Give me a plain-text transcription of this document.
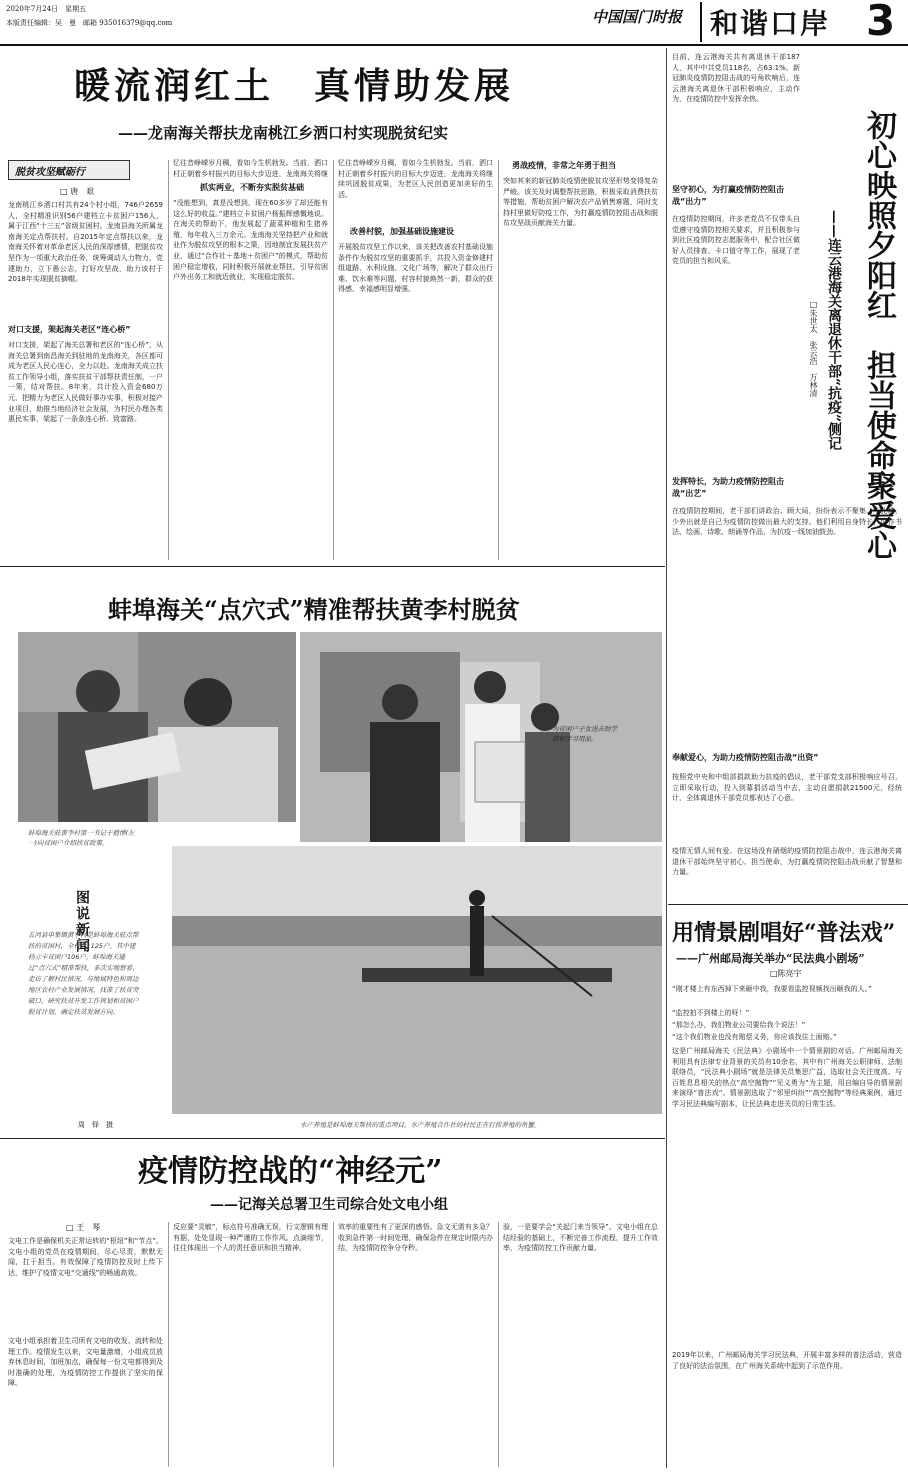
2020年7月24日　星期五
本版责任编辑：吴　曼　邮箱 935016379@qq.com	中国国门时报 和谐口岸 3
暖流润红土　真情助发展
——龙南海关帮扶龙南桃江乡洒口村实现脱贫纪实
脱贫攻坚赋砺行
□ 唐　艰
龙南桃江乡洒口村共有24个村小组，746户2659人，全村精准识别56户建档立卡贫困户156人，属于江西“十三五”省级贫困村。龙南县海关所属龙南海关定点帮扶村。自2015年定点帮扶以来，龙南海关怀着对革命老区人民的深厚感情，把脱贫攻坚作为一项重大政治任务，统筹调动人力物力，党建助力，立下愚公志，打好攻坚战，助力该村于2018年实现脱贫摘帽。
对口支援，架起海关老区“连心桥”
对口支援，架起了海关总署和老区的“连心桥”，从海关总署到南昌海关到驻地的龙南海关，各区都可成为老区人民心连心，全力以赴。龙南海关成立扶贫工作领导小组，落实扶贫干部帮扶责任制，一户一策，结对帮扶。8年来，共计投入资金680万元，把精力为老区人民做好事办实事，积极对接产业项目，助推当地经济社会发展，为村民办理各类惠民实事，架起了一条条连心桥、致富路。
忆往昔峥嵘岁月稠，看如今生机勃发。当前，洒口村正朝着乡村振兴的目标大步迈进，龙南海关将继
抓实两业，不断夯实脱贫基础
“没能想到，真是没想到，现在60多岁了却还能有这么好的收益。”建档立卡贫困户杨振辉感慨地说。在海关的帮助下，他发展起了蔬菜种植和生猪养殖，每年收入三万余元。龙南海关坚持把产业和就业作为脱贫攻坚的根本之策，因地制宜发展扶贫产业，通过“合作社＋基地＋贫困户”的模式，帮助贫困户稳定增收，同时积极开展就业帮扶，引导贫困户外出务工和就近就业，实现稳定脱贫。
忆往昔峥嵘岁月稠，看如今生机勃发。当前，洒口村正朝着乡村振兴的目标大步迈进，龙南海关将继续巩固脱贫成果，为老区人民创造更加美好的生活。
改善村貌，加强基础设施建设
开展脱贫攻坚工作以来，该关把改善农村基础设施条件作为脱贫攻坚的重要抓手，共投入资金修建村组道路、水利设施、文化广场等，解决了群众出行难、饮水难等问题，村容村貌焕然一新，群众的获得感、幸福感明显增强。
勇战疫情，非常之年勇于担当
突如其来的新冠肺炎疫情使脱贫攻坚形势变得复杂严峻。该关及时调整帮扶思路，积极采取消费扶贫等措施，帮助贫困户解决农产品销售难题，同时支持村里做好防疫工作，为打赢疫情防控阻击战和脱贫攻坚战贡献海关力量。
蚌埠海关“点穴式”精准帮扶黄李村脱贫
为贫困户子女送去助学款和学习用品。
蚌埠海关驻黄李村第一书记于德博(左一)向贫困户介绍扶贫政策。
图说新闻
五河县申集镇黄李村是蚌埠海关驻点帮扶的贫困村，全村共1125户。其中建档立卡贫困户106户。蚌埠海关通过“点穴式”精准帮扶，多次实地察看，走访了解村民情况，与地域特色和周边地区农村产业发展情况，找准了扶贫突破口，研究扶贫开发工作规划和贫困户脱贫计划，确定扶贫发展方向。
周　铎　摄	水产养殖是蚌埠海关帮扶的重点项目，水产养殖合作社的村民正在打捞养殖的鱼蟹。
疫情防控战的“神经元”
——记海关总署卫生司综合处文电小组
□ 王　琴
文电工作是确保机关正常运转的“枢纽”和“节点”。文电小组的党员在疫情期间，尽心尽责，默默无闻，扛于担当。有效保障了疫情防控及时上传下达，维护了疫情文电“交通线”的畅通高效。
文电小组承担着卫生司所有文电的收发、流转和处理工作。疫情发生以来，文电量激增，小组成员放弃休息时间，加班加点，确保每一份文电都得到及时准确的处理，为疫情防控工作提供了坚实的保障。
反应要“灵敏”，标点符号准确无误，行文逻辑有理有据，处处显现一种严谨的工作作风。点滴细节，往往体现出一个人的责任意识和担当精神。
效率的重要性有了更深的感悟。急文无需有多急？收到急件第一时间处理，确保急件在规定时限内办结，为疫情防控争分夺秒。
验，一是要学会“关起门来当领导”。文电小组在总结经验的基础上，不断完善工作流程，提升工作效率，为疫情防控工作贡献力量。
目前，连云港海关共有离退休干部187人，其中中共党员118名，占63.1%。新冠肺炎疫情防控阻击战的号角吹响后，连云港海关离退休干部积极响应，主动作为，在疫情防控中发挥余热。
初心映照夕阳红　担当使命聚爱心
——连云港海关离退休干部“抗疫”侧记
□朱世太　张云浩　万林清
坚守初心，为打赢疫情防控阻击战“出力”
在疫情防控期间，许多老党员不仅带头自觉遵守疫情防控相关要求，并且积极参与到社区疫情防控志愿服务中，配合社区做好人员排查、卡口值守等工作，展现了老党员的担当和风采。
发挥特长，为助力疫情防控阻击战“出艺”
在疫情防控期间，老干部们讲政治、顾大局，纷纷表示不聚集、不扎堆，少外出就是自己为疫情防控做出最大的支持。他们利用自身特长，创作书法、绘画、诗歌、朗诵等作品，为抗疫一线加油鼓劲。
奉献爱心，为助力疫情防控阻击战“出资”
按照党中央和中组部捐款助力抗疫的倡议，老干部党支部积极响应号召，立即采取行动，投入到募捐活动当中去，主动自愿捐款21500元，经统计，全体离退休干部党员都表达了心意。
疫情无情人间有爱。在这场没有硝烟的疫情防控阻击战中，连云港海关离退休干部始终坚守初心、担当使命，为打赢疫情防控阻击战贡献了智慧和力量。
用情景剧唱好“普法戏”
——广州邮局海关举办“民法典小剧场”
□陈亮宇
“刚才楼上有东西掉下来砸中我，我要看监控视频找出砸我的人。”
“监控拍不到楼上的呀！”
“那怎么办，我们物业公司要给我个说法！”
“这个我们物业也没有赔偿义务，你应该找住上面赔。”
这是广州邮局海关《民法典》小剧场中一个情景剧的对话。广州邮局海关利用具有法律专业背景的关员有10余名，其中有广州海关公职律师、法制联络员，“民法典小剧场”就是法律关员集思广益，选取社会关注度高、与百姓息息相关的热点“高空抛物”“见义勇为”为主题，用自编自导的情景剧来演绎“普法戏”。情景剧选取了“邻里纠纷”“高空抛物”等经典案例，通过学习民法典编写剧本，让民法典走进关员的日常生活。
2019年以来，广州邮局海关学习民法典，开展丰富多样的普法活动，营造了良好的法治氛围，在广州海关系统中起到了示范作用。
